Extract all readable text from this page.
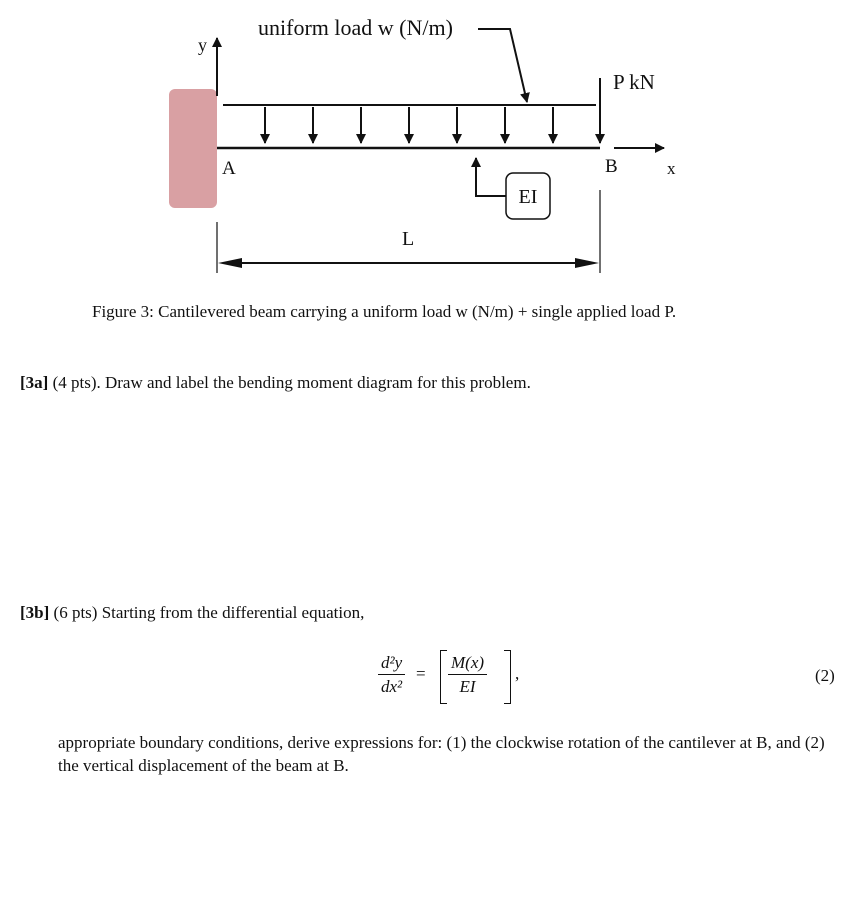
y
uniform load w (N/m)
P kN
x
A	B
EI
L
Figure 3: Cantilevered beam carrying a uniform load w (N/m) + single applied load P.
[3a] (4 pts). Draw and label the bending moment diagram for this problem.
[3b] (6 pts) Starting from the differential equation,
d²y
dx²
=
M(x)
EI
,	(2)
appropriate boundary conditions, derive expressions for: (1) the clockwise rotation of the cantilever at B, and (2) the vertical displacement of the beam at B.
